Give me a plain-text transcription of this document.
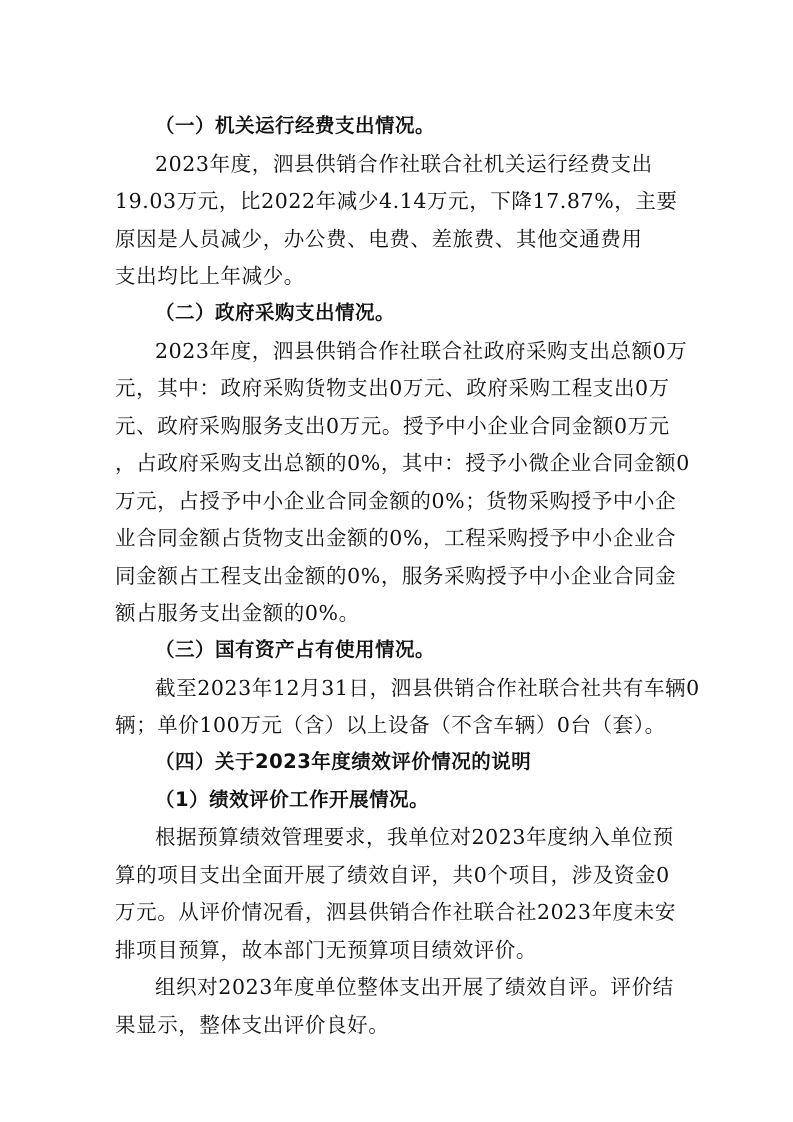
（一）机关运行经费支出情况。
2023年度，泗县供销合作社联合社机关运行经费支出
19.03万元，比2022年减少4.14万元，下降17.87%，主要
原因是人员减少，办公费、电费、差旅费、其他交通费用
支出均比上年减少。
（二）政府采购支出情况。
2023年度，泗县供销合作社联合社政府采购支出总额0万
元，其中：政府采购货物支出0万元、政府采购工程支出0万
元、政府采购服务支出0万元。授予中小企业合同金额0万元
，占政府采购支出总额的0%，其中：授予小微企业合同金额0
万元，占授予中小企业合同金额的0%；货物采购授予中小企
业合同金额占货物支出金额的0%，工程采购授予中小企业合
同金额占工程支出金额的0%，服务采购授予中小企业合同金
额占服务支出金额的0%。
（三）国有资产占有使用情况。
截至2023年12月31日，泗县供销合作社联合社共有车辆0
辆；单价100万元（含）以上设备（不含车辆）0台（套）。
（四）关于2023年度绩效评价情况的说明
（1）绩效评价工作开展情况。
根据预算绩效管理要求，我单位对2023年度纳入单位预
算的项目支出全面开展了绩效自评，共0个项目，涉及资金0
万元。从评价情况看，泗县供销合作社联合社2023年度未安
排项目预算，故本部门无预算项目绩效评价。
组织对2023年度单位整体支出开展了绩效自评。评价结
果显示，整体支出评价良好。
